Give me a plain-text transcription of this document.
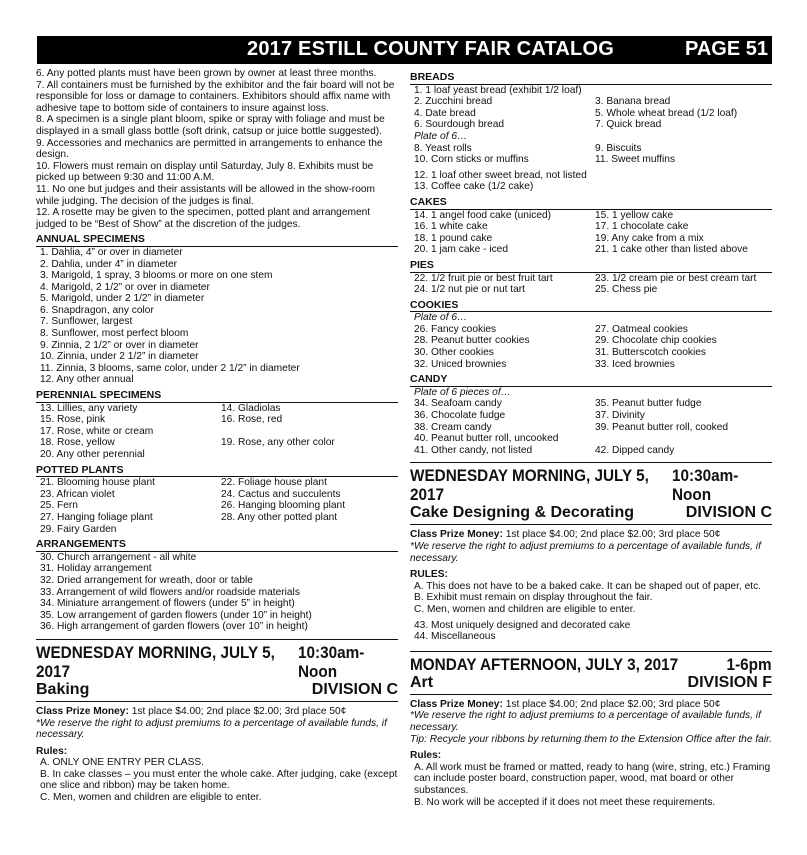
2017 ESTILL COUNTY FAIR CATALOG	PAGE 51
6. Any potted plants must have been grown by owner at least three months.
7. All containers must be furnished by the exhibitor and the fair board will not be responsible for loss or damage to containers. Exhibitors should affix name with adhesive tape to bottom side of containers to insure against loss.
8. A specimen is a single plant bloom, spike or spray with foliage and must be displayed in a small glass bottle (soft drink, catsup or juice bottle suggested).
9. Accessories and mechanics are permitted in arrangements to enhance the design.
10. Flowers must remain on display until Saturday, July 8. Exhibits must be picked up between 9:30 and 11:00 A.M.
11. No one but judges and their assistants will be allowed in the show-room while judging. The decision of the judges is final.
12. A rosette may be given to the specimen, potted plant and arrangement judged to be “Best of Show” at the discretion of the judges.
ANNUAL SPECIMENS
1. Dahlia, 4” or over in diameter
2. Dahlia, under 4” in diameter
3. Marigold, 1 spray, 3 blooms or more on one stem
4. Marigold, 2 1/2” or over in diameter
5. Marigold, under 2 1/2” in diameter
6. Snapdragon, any color
7. Sunflower, largest
8. Sunflower, most perfect bloom
9. Zinnia, 2 1/2” or over in diameter
10. Zinnia, under 2 1/2” in diameter
11. Zinnia, 3 blooms, same color, under 2 1/2” in diameter
12. Any other annual
PERENNIAL SPECIMENS
13. Lillies, any variety	14. Gladiolas
15. Rose, pink	16. Rose, red
17. Rose, white or cream
18. Rose, yellow	19. Rose, any other color
20. Any other perennial
POTTED PLANTS
21. Blooming house plant	22. Foliage house plant
23. African violet	24. Cactus and succulents
25. Fern	26. Hanging blooming plant
27. Hanging foliage plant	28. Any other potted plant
29. Fairy Garden
ARRANGEMENTS
30. Church arrangement - all white
31. Holiday arrangement
32. Dried arrangement for wreath, door or table
33. Arrangement of wild flowers and/or roadside materials
34. Miniature arrangement of flowers (under 5” in height)
35. Low arrangement of garden flowers (under 10” in height)
36. High arrangement of garden flowers (over 10” in height)
WEDNESDAY MORNING, JULY 5, 2017
10:30am-Noon
Baking	DIVISION C
Class Prize Money: 1st place $4.00; 2nd place $2.00; 3rd place 50¢
*We reserve the right to adjust premiums to a percentage of available funds, if necessary.
Rules:
A. ONLY ONE ENTRY PER CLASS.
B. In cake classes – you must enter the whole cake. After judging, cake (except one slice and ribbon) may be taken home.
C. Men, women and children are eligible to enter.
BREADS
1. 1 loaf yeast bread (exhibit 1/2 loaf)
2. Zucchini bread	3. Banana bread
4. Date bread	5. Whole wheat bread (1/2 loaf)
6. Sourdough bread	7. Quick bread
Plate of 6…
8. Yeast rolls	9. Biscuits
10. Corn sticks or muffins	11. Sweet muffins
12. 1 loaf other sweet bread, not listed
13. Coffee cake (1/2 cake)
CAKES
14. 1 angel food cake (uniced)	15. 1 yellow cake
16. 1 white cake	17. 1 chocolate cake
18. 1 pound cake	19. Any cake from a mix
20. 1 jam cake - iced	21. 1 cake other than listed above
PIES
22. 1/2 fruit pie or best fruit tart	23. 1/2 cream pie or best cream tart
24. 1/2 nut pie or nut tart	25. Chess pie
COOKIES
Plate of 6…
26. Fancy cookies	27. Oatmeal cookies
28. Peanut butter cookies	29. Chocolate chip cookies
30. Other cookies	31. Butterscotch cookies
32. Uniced brownies	33. Iced brownies
CANDY
Plate of 6 pieces of…
34. Seafoam candy	35. Peanut butter fudge
36. Chocolate fudge	37. Divinity
38. Cream candy	39. Peanut butter roll, cooked
40. Peanut butter roll, uncooked
41. Other candy, not listed	42. Dipped candy
WEDNESDAY MORNING, JULY 5, 2017
10:30am-Noon
Cake Designing & Decorating	DIVISION C
Class Prize Money: 1st place $4.00; 2nd place $2.00; 3rd place 50¢
*We reserve the right to adjust premiums to a percentage of available funds, if necessary.
RULES:
A. This does not have to be a baked cake. It can be shaped out of paper, etc.
B. Exhibit must remain on display throughout the fair.
C. Men, women and children are eligible to enter.
43. Most uniquely designed and decorated cake
44. Miscellaneous
MONDAY AFTERNOON, JULY 3, 2017	1-6pm
Art	DIVISION F
Class Prize Money: 1st place $4.00; 2nd place $2.00; 3rd place 50¢
*We reserve the right to adjust premiums to a percentage of available funds, if necessary.
Tip: Recycle your ribbons by returning them to the Extension Office after the fair.
Rules:
A. All work must be framed or matted, ready to hang (wire, string, etc.) Framing can include poster board, construction paper, wood, mat board or other substances.
B. No work will be accepted if it does not meet these requirements.
